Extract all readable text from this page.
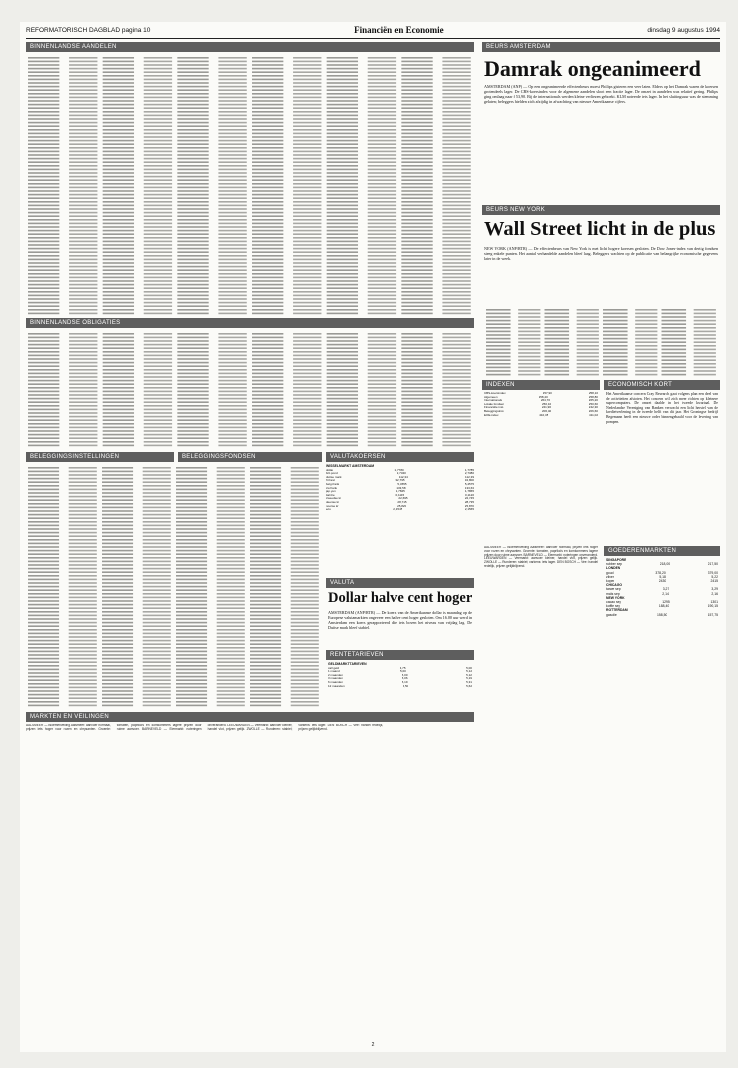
REFORMATORISCH DAGBLAD pagina 10	Financiën en Economie	dinsdag 9 augustus 1994
BINNENLANDSE AANDELEN
BINNENLANDSE OBLIGATIES
BELEGGINGSINSTELLINGEN	BELEGGINGSFONDSEN	VALUTAKOERSEN
WISSELMARKT AMSTERDAM
dollar	1,7780	1,7785
brit.pond	2,7340	2,7380
duitse mark	112,34	112,39
fr.franc	32,795	32,800
belg.frank	5,4555	5,4575
zw.frank	133,58	133,63
jap.yen	1,7845	1,7865
ital.lire	0,1115	0,1120
zweedse kr	22,695	22,745
deense kr	28,715	28,735
noorse kr	25,820	25,870
ecu	2,1545	2,1565
VALUTA
Dollar halve cent hoger
AMSTERDAM (ANP/RTR) — De koers van de Amerikaanse dollar is maandag op de Europese valutamarkten ongeveer een halve cent hoger gesloten. Om 16.00 uur werd in Amsterdam een koers gerapporteerd die iets boven het niveau van vrijdag lag. De Duitse mark bleef stabiel.
RENTETARIEVEN
GELDMARKTTARIEVEN
call geld	4,75	5,00
1 maand	5,00	5,12
2 maanden	5,00	5,12
3 maanden	5,06	5,19
6 maanden	5,19	5,31
12 maanden	5,50	5,62
MARKTEN EN VEILINGEN
AALSMEER — Bloemenveiling Aalsmeer: aanvoer normaal, prijzen iets hoger voor rozen en chrysanten. Groente: tomaten, paprika's en komkommers lagere prijzen door ruime aanvoer. BARNEVELD — Eiermarkt: noteringen onveranderd. LEEUWARDEN — Veemarkt: aanvoer kleiner, handel vlot, prijzen gelijk. ZWOLLE — Runderen: stabiel; varkens: iets lager. DEN BOSCH — Vee: handel redelijk, prijzen gelijkblijvend.
BEURS AMSTERDAM
Damrak ongeanimeerd
AMSTERDAM (ANP) — Op een ongeanimeerde effectenbeurs moest Philips gisteren een veer laten. Elders op het Damrak waren de koersen grotendeels lager. De CBS-koersindex voor de algemene aandelen sloot een fractie lager. De omzet in aandelen was relatief gering. Philips ging omlaag naar f 53,90. Bij de internationals werden kleine verliezen geboekt. KLM noteerde iets lager. In het sluitingsuur was de stemming gelaten; beleggers hielden zich afzijdig in afwachting van nieuwe Amerikaanse cijfers.
BEURS NEW YORK
Wall Street licht in de plus
NEW YORK (ANP/RTR) — De effectenbeurs van New York is met licht hogere koersen gesloten. De Dow Jones-index van dertig fondsen steeg enkele punten. Het aantal verhandelde aandelen bleef laag. Beleggers wachten op de publicatie van belangrijke economische gegevens later in de week.
INDEXEN	ECONOMISCH KORT
CBS-koersindex	257,90	258,10
Algemeen	258,40	258,80
Internationals	264,70	265,20
Lokale fondsen	250,10	250,60
Financiële inst.	241,90	242,30
Beleggingsinst.	206,40	206,60
EOE-index	410,38	411,02
Het Amerikaanse concern Cray Research gaat volgens plan een deel van de activiteiten afstoten. Het concern wil zich meer richten op kleinere supercomputers. De omzet daalde in het tweede kwartaal. De Nederlandse Vereniging van Banken verwacht een licht herstel van de kredietverlening in de tweede helft van dit jaar. Het Groningse bedrijf Begemann heeft een nieuwe order binnengehaald voor de levering van pompen.
AALSMEER — Bloemenveiling Aalsmeer: aanvoer normaal, prijzen iets hoger voor rozen en chrysanten. Groente: tomaten, paprika's en komkommers lagere prijzen door ruime aanvoer. BARNEVELD — Eiermarkt: noteringen onveranderd. LEEUWARDEN — Veemarkt: aanvoer kleiner, handel vlot, prijzen gelijk. ZWOLLE — Runderen: stabiel; varkens: iets lager. DEN BOSCH — Vee: handel redelijk, prijzen gelijkblijvend.
GOEDERENMARKTEN
SINGAPORE
rubber sep	218,00	217,50
LONDEN
goud	378,20	379,00
zilver	5,18	5,22
koper	2430	2415
CHICAGO
tarwe sep	3,27	3,29
maïs sep	2,14	2,16
NEW YORK
cacao sep	1295	1301
koffie sep	188,40	190,15
ROTTERDAM
gasolie	158,50	157,75
2
